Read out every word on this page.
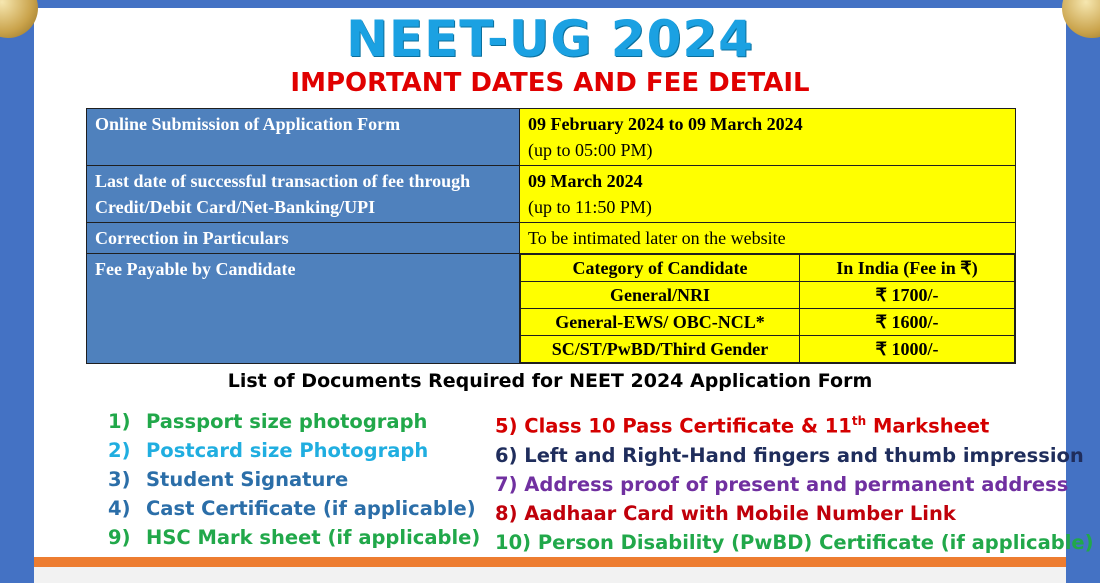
NEET-UG 2024
IMPORTANT DATES AND FEE DETAIL
Online Submission of Application Form	09 February 2024 to 09 March 2024
(up to 05:00 PM)
Last date of successful transaction of fee through
Credit/Debit Card/Net-Banking/UPI	09 March 2024
(up to 11:50 PM)
Correction in Particulars	To be intimated later on the website
Fee Payable by Candidate		Category of Candidate	In India (Fee in ₹)
General/NRI	₹ 1700/-
General-EWS/ OBC-NCL*	₹ 1600/-
SC/ST/PwBD/Third Gender	₹ 1000/-
List of Documents Required for NEET 2024 Application Form
1) Passport size photograph
2) Postcard size Photograph
3) Student Signature
4) Cast Certificate (if applicable)
9) HSC Mark sheet (if applicable)
5) Class 10 Pass Certificate & 11th Marksheet
6) Left and Right-Hand fingers and thumb impression
7) Address proof of present and permanent address
8) Aadhaar Card with Mobile Number Link
10) Person Disability (PwBD) Certificate (if applicable)
